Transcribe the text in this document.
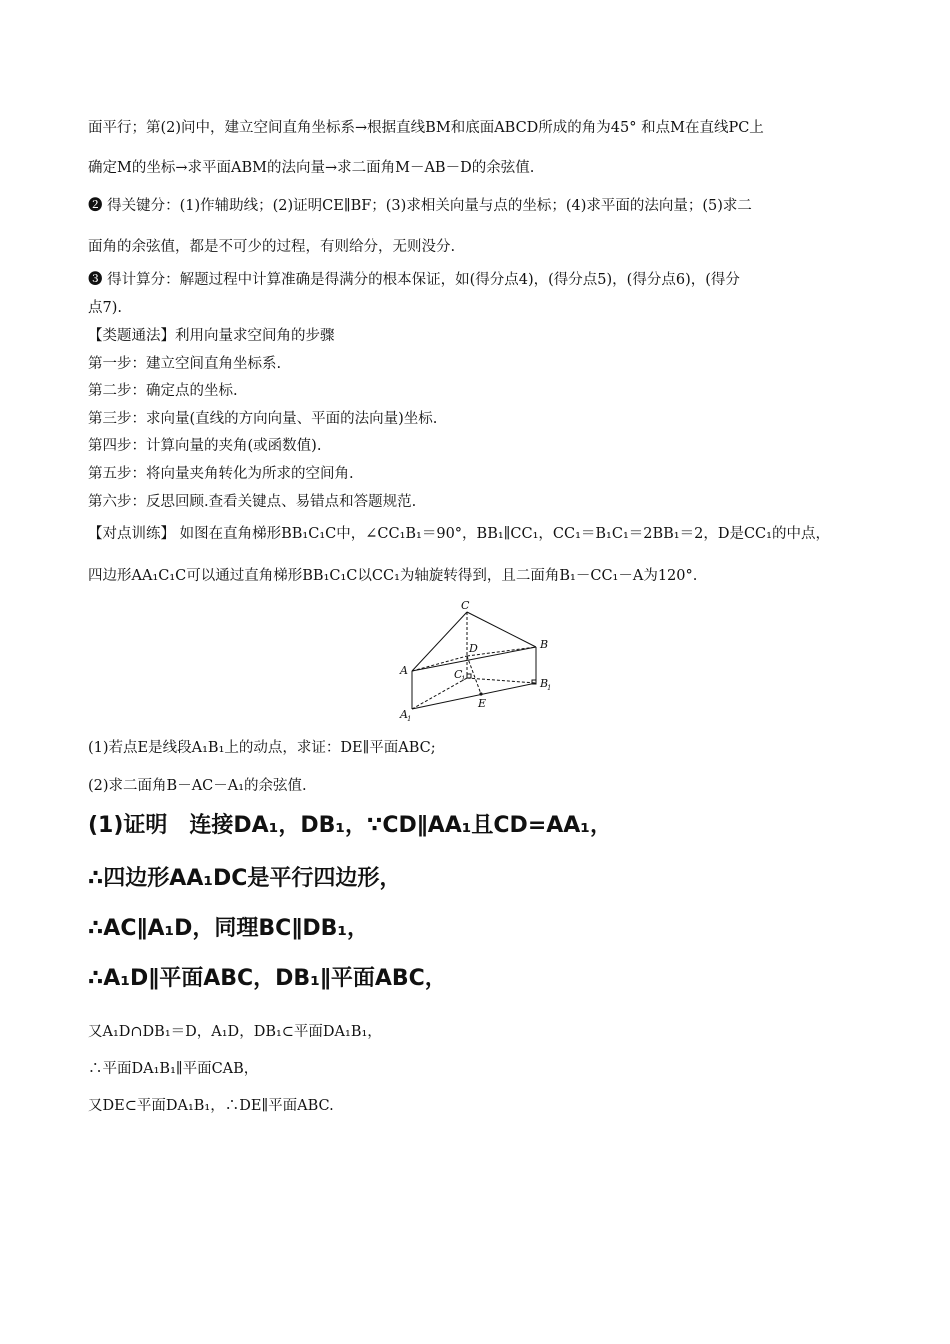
面平行；第(2)问中，建立空间直角坐标系→根据直线BM和底面ABCD所成的角为45° 和点M在直线PC上
确定M的坐标→求平面ABM的法向量→求二面角M－AB－D的余弦值.
❷ 得关键分：(1)作辅助线；(2)证明CE∥BF；(3)求相关向量与点的坐标；(4)求平面的法向量；(5)求二
面角的余弦值，都是不可少的过程，有则给分，无则没分.
❸ 得计算分：解题过程中计算准确是得满分的根本保证，如(得分点4)，(得分点5)，(得分点6)，(得分
点7).
【类题通法】利用向量求空间角的步骤
第一步：建立空间直角坐标系.
第二步：确定点的坐标.
第三步：求向量(直线的方向向量、平面的法向量)坐标.
第四步：计算向量的夹角(或函数值).
第五步：将向量夹角转化为所求的空间角.
第六步：反思回顾.查看关键点、易错点和答题规范.
【对点训练】 如图在直角梯形BB₁C₁C中，∠CC₁B₁＝90°，BB₁∥CC₁，CC₁＝B₁C₁＝2BB₁＝2，D是CC₁的中点，
四边形AA₁C₁C可以通过直角梯形BB₁C₁C以CC₁为轴旋转得到，且二面角B₁－CC₁－A为120°.
C
D	B
A	C
1	B
1
E
A 1
(1)若点E是线段A₁B₁上的动点，求证：DE∥平面ABC;
(2)求二面角B－AC－A₁的余弦值.
(1)证明　连接DA₁，DB₁，∵CD∥AA₁且CD=AA₁，
∴四边形AA₁DC是平行四边形，
∴AC∥A₁D，同理BC∥DB₁，
∴A₁D∥平面ABC，DB₁∥平面ABC，
又A₁D∩DB₁＝D，A₁D，DB₁⊂平面DA₁B₁，
∴平面DA₁B₁∥平面CAB，
又DE⊂平面DA₁B₁，∴DE∥平面ABC.
